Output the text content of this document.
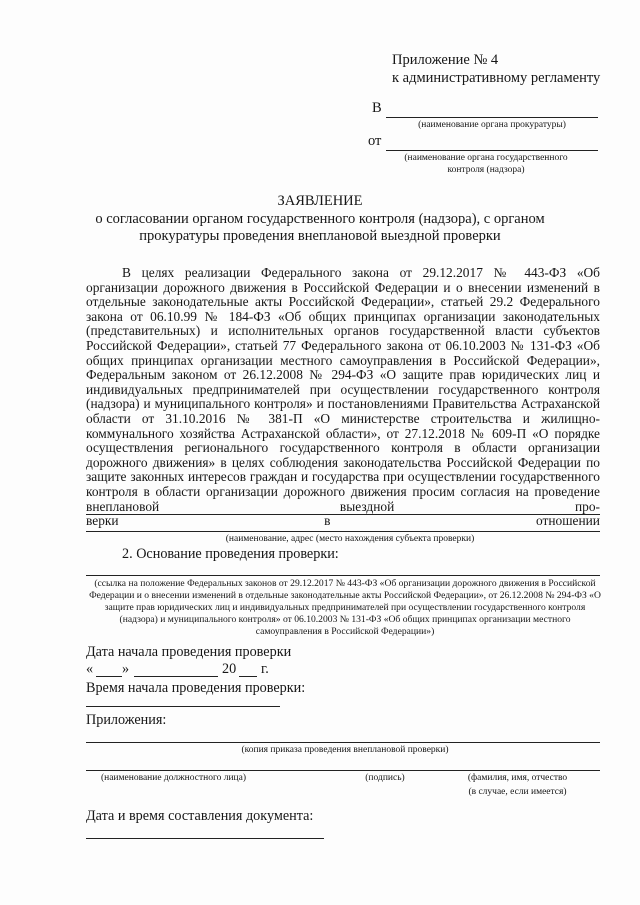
Приложение № 4
к административному регламенту
В
(наименование органа прокуратуры)
от
(наименование органа государственного
контроля (надзора)
ЗАЯВЛЕНИЕ
о согласовании органом государственного контроля (надзора), с органом
прокуратуры проведения внеплановой выездной проверки

В целях реализации Федерального закона от 29.12.2017 № 443-ФЗ «Об организации дорожного движения в Российской Федерации и о внесении изменений в отдельные законодательные акты Российской Федерации», статьей 29.2 Федерального закона от 06.10.99 № 184-ФЗ «Об общих принципах организации законодательных (представительных) и исполнительных органов государственной власти субъектов Российской Федерации», статьей 77 Федерального закона от 06.10.2003 № 131-ФЗ «Об общих принципах организации местного самоуправления в Российской Федерации», Федеральным законом от 26.12.2008 № 294-ФЗ «О защите прав юридических лиц и индивидуальных предпринимателей при осуществлении государственного контроля (надзора) и муниципального контроля» и постановлениями Правительства Астраханской области от 31.10.2016 № 381-П «О министерстве строительства и жилищно-коммунального хозяйства Астраханской области», от 27.12.2018 № 609-П «О порядке осуществления регионального государственного контроля в области организации дорожного движения» в целях соблюдения законодательства Российской Федерации по защите законных интересов граждан и государства при осуществлении государственного контроля в области организации дорожного движения просим согласия на проведение внеплановой выездной про-

верки	в	отношении
(наименование, адрес (место нахождения субъекта проверки)
2. Основание проведения проверки:
(ссылка на положение Федеральных законов от 29.12.2017 № 443-ФЗ «Об организации дорожного движения в Российской Федерации и о внесении изменений в отдельные законодательные акты Российской Федерации», от 26.12.2008 № 294-ФЗ «О защите прав юридических лиц и индивидуальных предпринимателей при осуществлении государственного контроля (надзора) и муниципального контроля» от 06.10.2003 № 131-ФЗ «Об общих принципах организации местного самоуправления в Российской Федерации»)
Дата начала проведения проверки
« »	20 г.
Время начала проведения проверки:
Приложения:
(копия приказа проведения внеплановой проверки)
(наименование должностного лица)	(подпись)	(фамилия, имя, отчество
(в случае, если имеется)
Дата и время составления документа:
